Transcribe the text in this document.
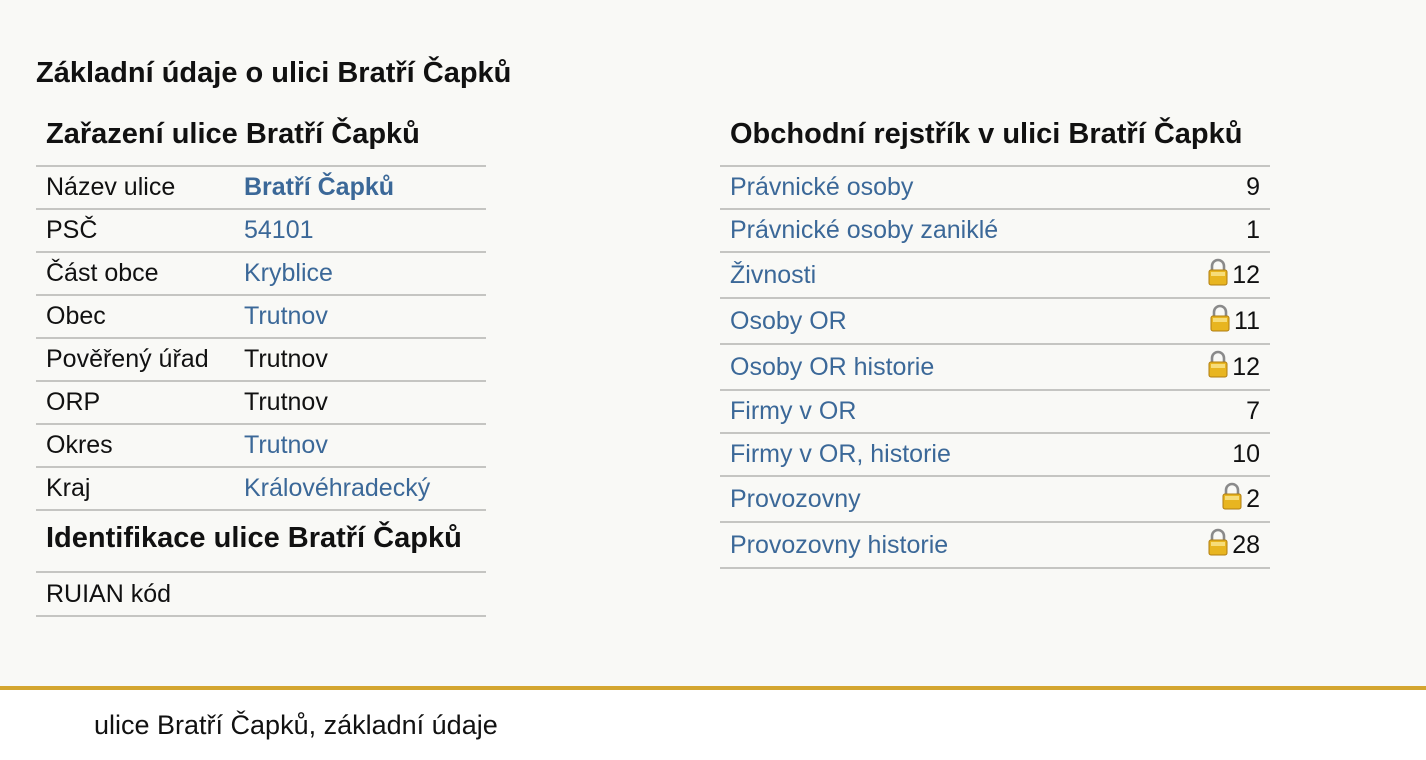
Základní údaje o ulici Bratří Čapků
Zařazení ulice Bratří Čapků
Název ulice	Bratří Čapků
PSČ	54101
Část obce	Kryblice
Obec	Trutnov
Pověřený úřad	Trutnov
ORP	Trutnov
Okres	Trutnov
Kraj	Královéhradecký
Identifikace ulice Bratří Čapků
RUIAN kód
Obchodní rejstřík v ulici Bratří Čapků
Právnické osoby	9
Právnické osoby zaniklé	1
Živnosti	12
Osoby OR	11
Osoby OR historie	12
Firmy v OR	7
Firmy v OR, historie	10
Provozovny	2
Provozovny historie	28
ulice Bratří Čapků, základní údaje
